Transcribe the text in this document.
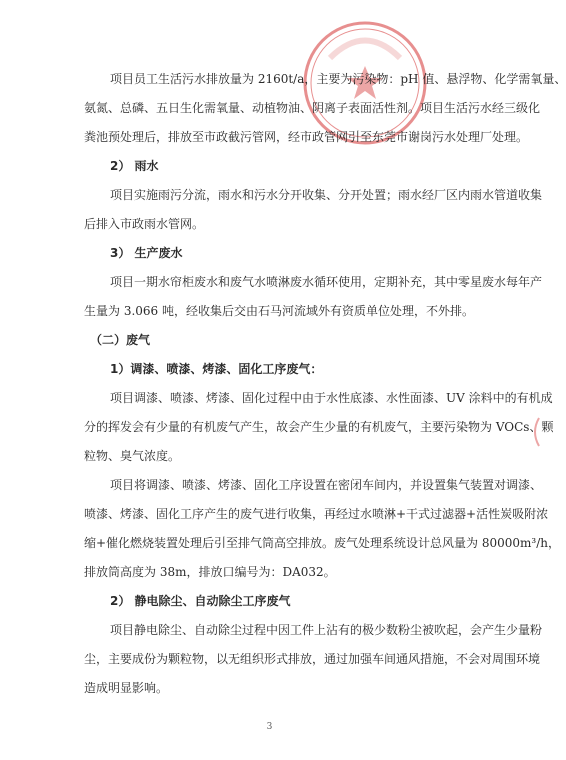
项目员工生活污水排放量为 2160t/a，主要为污染物：pH 值、悬浮物、化学需氧量、
氨氮、总磷、五日生化需氧量、动植物油、阴离子表面活性剂。项目生活污水经三级化
粪池预处理后，排放至市政截污管网，经市政管网引至东莞市谢岗污水处理厂处理。
2） 雨水
项目实施雨污分流，雨水和污水分开收集、分开处置；雨水经厂区内雨水管道收集
后排入市政雨水管网。
3） 生产废水
项目一期水帘柜废水和废气水喷淋废水循环使用，定期补充，其中零星废水每年产
生量为 3.066 吨，经收集后交由石马河流域外有资质单位处理，不外排。
（二）废气
1）调漆、喷漆、烤漆、固化工序废气：
项目调漆、喷漆、烤漆、固化过程中由于水性底漆、水性面漆、UV 涂料中的有机成
分的挥发会有少量的有机废气产生，故会产生少量的有机废气，主要污染物为 VOCs、颗
粒物、臭气浓度。
项目将调漆、喷漆、烤漆、固化工序设置在密闭车间内，并设置集气装置对调漆、
喷漆、烤漆、固化工序产生的废气进行收集，再经过水喷淋+干式过滤器+活性炭吸附浓
缩+催化燃烧装置处理后引至排气筒高空排放。废气处理系统设计总风量为 80000m³/h，
排放筒高度为 38m，排放口编号为：DA032。
2） 静电除尘、自动除尘工序废气
项目静电除尘、自动除尘过程中因工件上沾有的极少数粉尘被吹起，会产生少量粉
尘，主要成份为颗粒物，以无组织形式排放，通过加强车间通风措施，不会对周围环境
造成明显影响。
3
